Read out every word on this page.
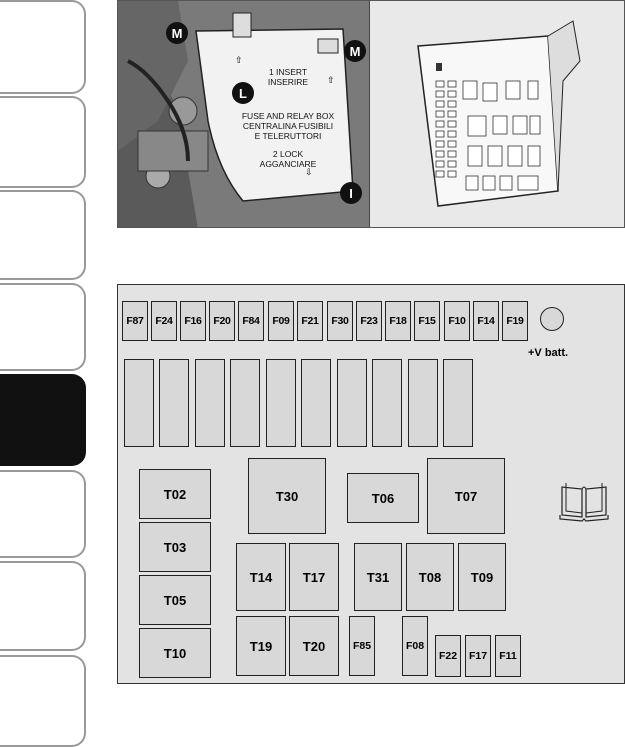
M
M
L
I
1 INSERT
INSERIRE
FUSE AND RELAY BOX
CENTRALINA FUSIBILI
E TELERUTTORI
2 LOCK
AGGANCIARE
⇧
⇧
⇩
F87	F24	F16	F20	F84	F09	F21	F30	F23	F18	F15	F10	F14	F19
+V batt.
T02
T03
T05
T10
T30	T06	T07
T14	T17	T31	T08	T09
T19	T20	F85	F08
F22	F17	F11
